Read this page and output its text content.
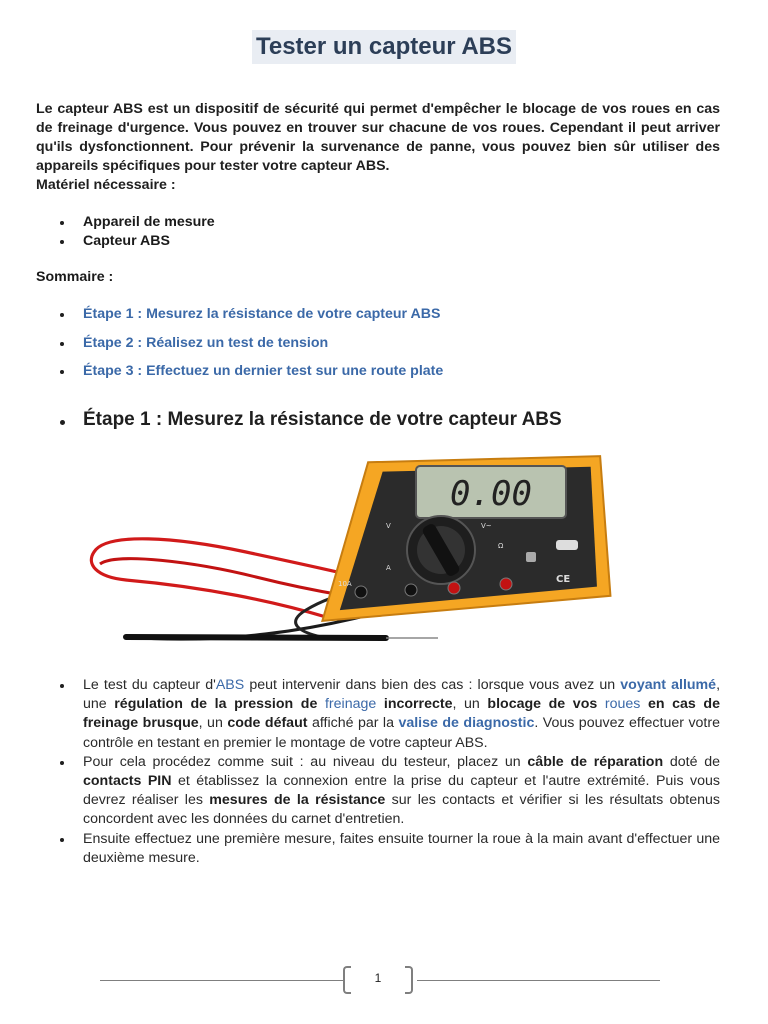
Tester un capteur ABS

Le capteur ABS est un dispositif de sécurité qui permet d'empêcher le blocage de vos roues en cas de freinage d'urgence. Vous pouvez en trouver sur chacune de vos roues. Cependant il peut arriver qu'ils dysfonctionnent. Pour prévenir la survenance de panne, vous pouvez bien sûr utiliser des appareils spécifiques pour tester votre capteur ABS.

Matériel nécessaire :

Appareil de mesure
Capteur ABS
Sommaire :
Étape 1 : Mesurez la résistance de votre capteur ABS
Étape 2 : Réalisez un test de tension
Étape 3 : Effectuez un dernier test sur une route plate
Étape 1 : Mesurez la résistance de votre capteur ABS
0.00
V	V~
Ω
A
10A	CE
Le test du capteur d'ABS peut intervenir dans bien des cas : lorsque vous avez un voyant allumé, une régulation de la pression de freinage incorrecte, un blocage de vos roues en cas de freinage brusque, un code défaut affiché par la valise de diagnostic. Vous pouvez effectuer votre contrôle en testant en premier le montage de votre capteur ABS.
Pour cela procédez comme suit : au niveau du testeur, placez un câble de réparation doté de contacts PIN et établissez la connexion entre la prise du capteur et l'autre extrémité. Puis vous devrez réaliser les mesures de la résistance sur les contacts et vérifier si les résultats obtenus concordent avec les données du carnet d'entretien.
Ensuite effectuez une première mesure, faites ensuite tourner la roue à la main avant d'effectuer une deuxième mesure.
1
